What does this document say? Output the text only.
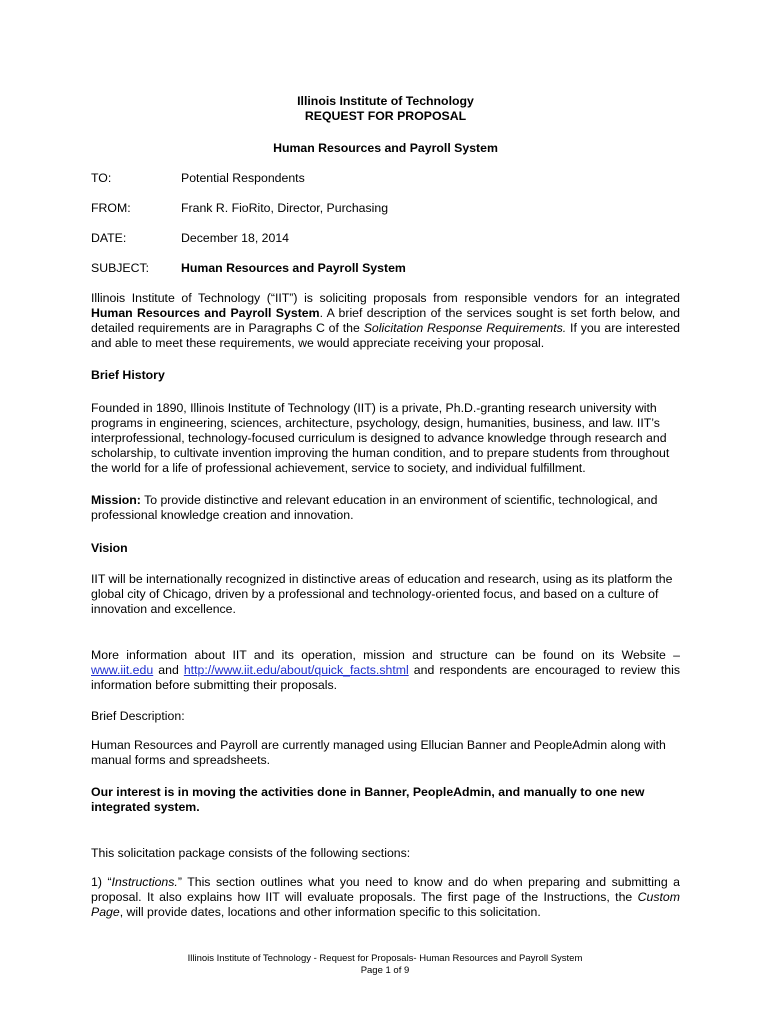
Illinois Institute of Technology
REQUEST FOR PROPOSAL
Human Resources and Payroll System
TO:	Potential Respondents
FROM:	Frank R. FioRito, Director, Purchasing
DATE:	December 18, 2014
SUBJECT:	Human Resources and Payroll System

Illinois Institute of Technology (“IIT”) is soliciting proposals from responsible vendors for an integrated Human Resources and Payroll System. A brief description of the services sought is set forth below, and detailed requirements are in Paragraphs C of the Solicitation Response Requirements. If you are interested and able to meet these requirements, we would appreciate receiving your proposal.

Brief History

Founded in 1890, Illinois Institute of Technology (IIT) is a private, Ph.D.-granting research university with programs in engineering, sciences, architecture, psychology, design, humanities, business, and law. IIT’s interprofessional, technology-focused curriculum is designed to advance knowledge through research and scholarship, to cultivate invention improving the human condition, and to prepare students from throughout the world for a life of professional achievement, service to society, and individual fulfillment.

Mission: To provide distinctive and relevant education in an environment of scientific, technological, and professional knowledge creation and innovation.

Vision

IIT will be internationally recognized in distinctive areas of education and research, using as its platform the global city of Chicago, driven by a professional and technology-oriented focus, and based on a culture of innovation and excellence.

More information about IIT and its operation, mission and structure can be found on its Website – www.iit.edu and http://www.iit.edu/about/quick_facts.shtml and respondents are encouraged to review this information before submitting their proposals.

Brief Description:

Human Resources and Payroll are currently managed using Ellucian Banner and PeopleAdmin along with manual forms and spreadsheets.

Our interest is in moving the activities done in Banner, PeopleAdmin, and manually to one new integrated system.

This solicitation package consists of the following sections:

1) “Instructions.” This section outlines what you need to know and do when preparing and submitting a proposal. It also explains how IIT will evaluate proposals. The first page of the Instructions, the Custom Page, will provide dates, locations and other information specific to this solicitation.

Illinois Institute of Technology - Request for Proposals- Human Resources and Payroll System
Page 1 of 9
